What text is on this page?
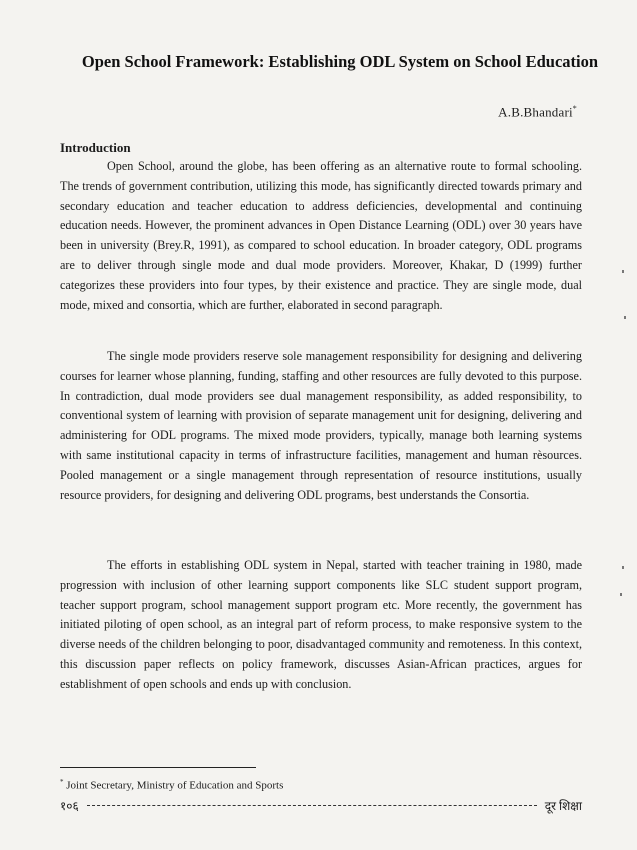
Open School Framework: Establishing ODL System on School Education
A.B.Bhandari*
Introduction

Open School, around the globe, has been offering as an alternative route to formal schooling. The trends of government contribution, utilizing this mode, has significantly directed towards primary and secondary education and teacher education to address deficiencies, developmental and continuing education needs. However, the prominent advances in Open Distance Learning (ODL) over 30 years have been in university (Brey.R, 1991), as compared to school education. In broader category, ODL programs are to deliver through single mode and dual mode providers. Moreover, Khakar, D (1999) further categorizes these providers into four types, by their existence and practice. They are single mode, dual mode, mixed and consortia, which are further, elaborated in second paragraph.

The single mode providers reserve sole management responsibility for designing and delivering courses for learner whose planning, funding, staffing and other resources are fully devoted to this purpose. In contradiction, dual mode providers see dual management responsibility, as added responsibility, to conventional system of learning with provision of separate management unit for designing, delivering and administering for ODL programs. The mixed mode providers, typically, manage both learning systems with same institutional capacity in terms of infrastructure facilities, management and human rèsources. Pooled management or a single management through representation of resource institutions, usually resource providers, for designing and delivering ODL programs, best understands the Consortia.

The efforts in establishing ODL system in Nepal, started with teacher training in 1980, made progression with inclusion of other learning support components like SLC student support program, teacher support program, school management support program etc. More recently, the government has initiated piloting of open school, as an integral part of reform process, to make responsive system to the diverse needs of the children belonging to poor, disadvantaged community and remoteness. In this context, this discussion paper reflects on policy framework, discusses Asian-African practices, argues for establishment of open schools and ends up with conclusion.

* Joint Secretary, Ministry of Education and Sports
१०६	दूर शिक्षा
